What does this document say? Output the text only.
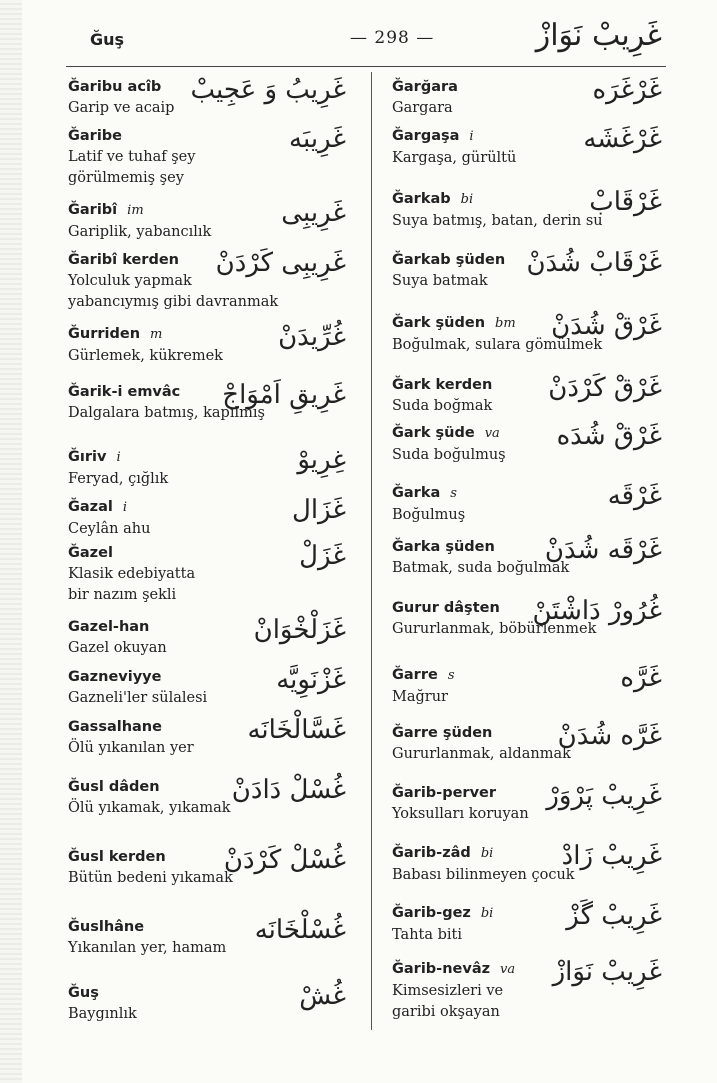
Ğuş	— 298 —	غَرِيبْ نَوَازْ
Ğaribu acîb
Garip ve acaip
غَرِيبُ وَ عَجِيبْ
Ğaribe
Latif ve tuhaf şey
görülmemiş şey
غَرِيبَه
Ğaribî im
Gariplik, yabancılık
غَرِيبِى
Ğaribî kerden
Yolculuk yapmak
yabancıymış gibi davranmak
غَرِيبِى كَرْدَنْ
Ğurriden m
Gürlemek, kükremek
غُرِّيدَنْ
Ğarik-i emvâc
Dalgalara batmış, kapılmış
غَرِيقِ اَمْوَاجْ
Ğıriv i
Feryad, çığlık
غِرِيوْ
Ğazal i
Ceylân ahu
غَزَال
Ğazel
Klasik edebiyatta
bir nazım şekli
غَزَلْ
Gazel-han
Gazel okuyan
غَزَلْخْوَانْ
Gazneviyye
Gazneli'ler sülalesi
غَزْنَوِيَّه
Gassalhane
Ölü yıkanılan yer
غَسَّالْخَانَه
Ğusl dâden
Ölü yıkamak, yıkamak
غُسْلْ دَادَنْ
Ğusl kerden
Bütün bedeni yıkamak
غُسْلْ كَرْدَنْ
Ğuslhâne
Yıkanılan yer, hamam
غُسْلْخَانَه
Ğuş
Baygınlık
غُشْ
Ğarğara
Gargara
غَرْغَرَه
Ğargaşa i
Kargaşa, gürültü
غَرْغَشَه
Ğarkab bi
Suya batmış, batan, derin su
غَرْقَابْ
Ğarkab şüden
Suya batmak
غَرْقَابْ شُدَنْ
Ğark şüden bm
Boğulmak, sulara gömülmek
غَرْقْ شُدَنْ
Ğark kerden
Suda boğmak
غَرْقْ كَرْدَنْ
Ğark şüde va
Suda boğulmuş
غَرْقْ شُدَه
Ğarka s
Boğulmuş
غَرْقَه
Ğarka şüden
Batmak, suda boğulmak
غَرْقَه شُدَنْ
Gurur dâşten
Gururlanmak, böbürlenmek
غُرُورْ دَاشْتَنْ
Ğarre s
Mağrur
غَرَّه
Ğarre şüden
Gururlanmak, aldanmak
غَرَّه شُدَنْ
Ğarib-perver
Yoksulları koruyan
غَرِيبْ پَرْوَرْ
Ğarib-zâd bi
Babası bilinmeyen çocuk
غَرِيبْ زَادْ
Ğarib-gez bi
Tahta biti
غَرِيبْ گَزْ
Ğarib-nevâz va
Kimsesizleri ve
garibi okşayan
غَرِيبْ نَوَازْ
